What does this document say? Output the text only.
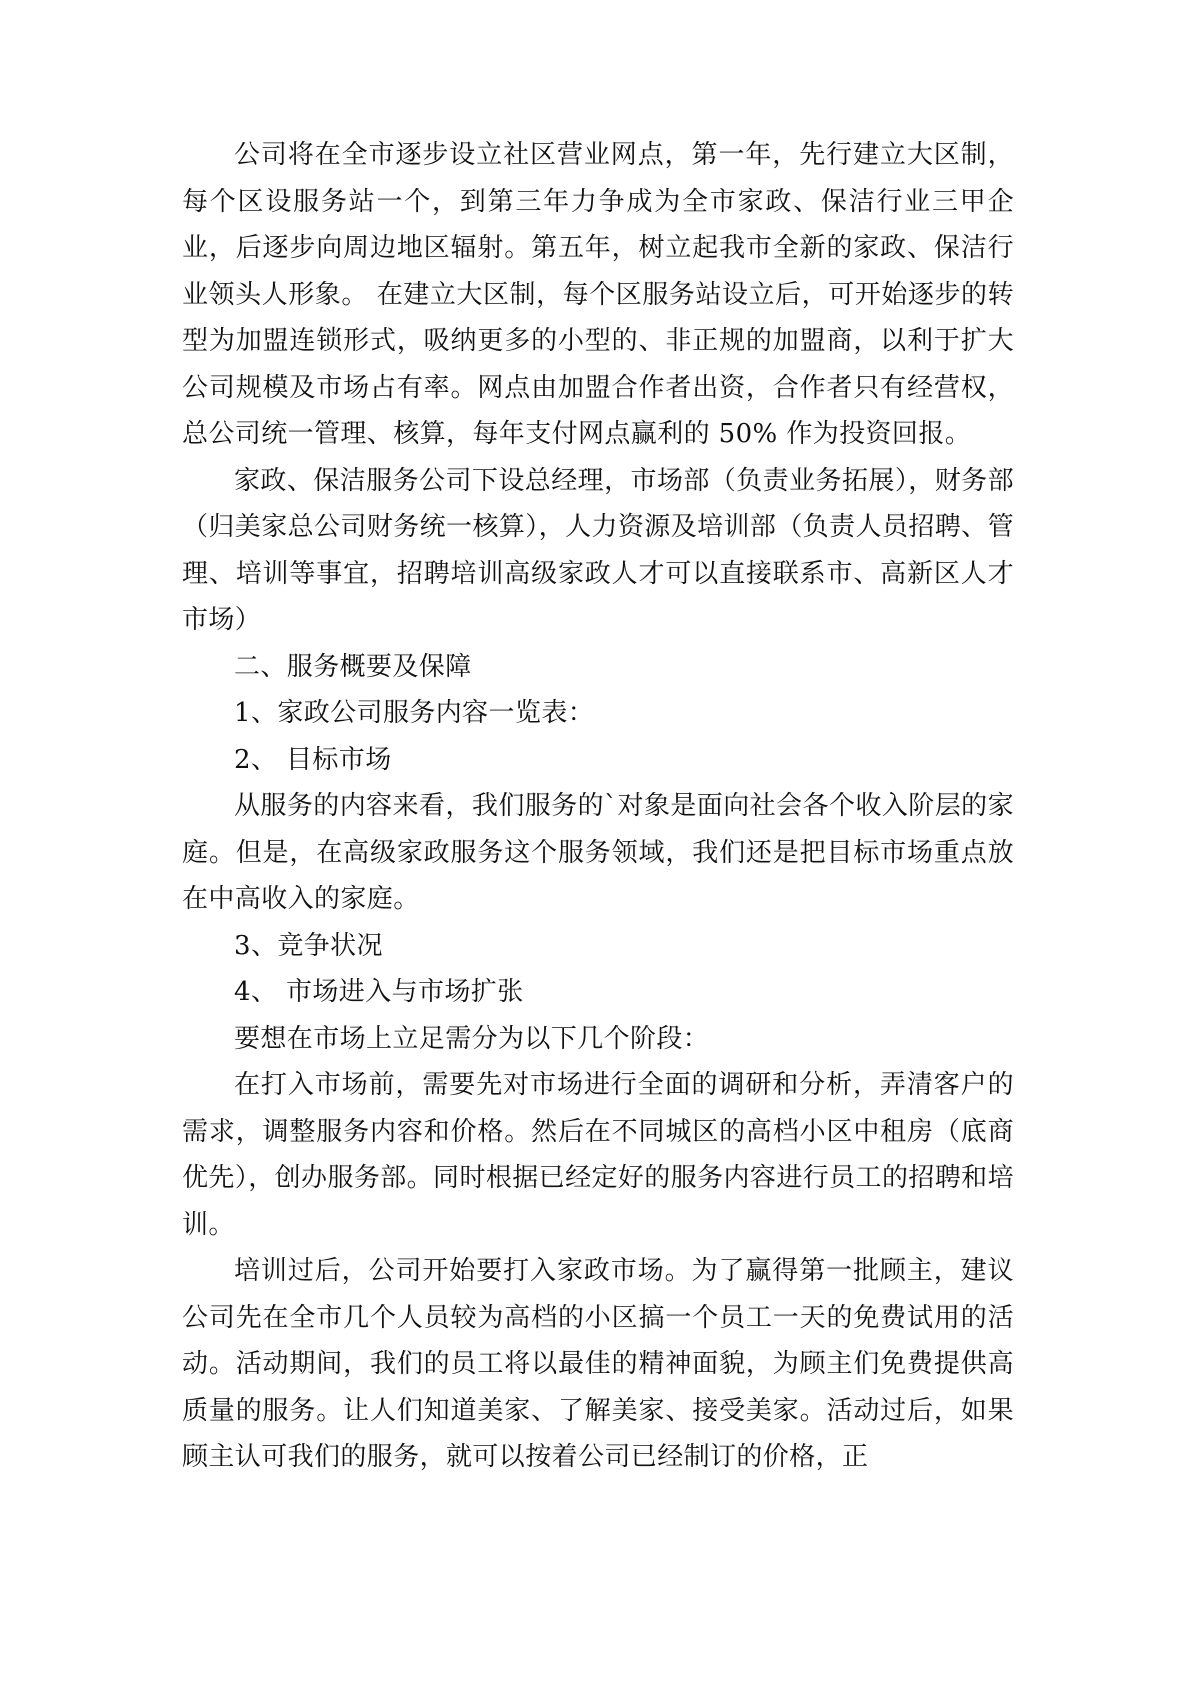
公司将在全市逐步设立社区营业网点，第一年，先行建立大区制，每个区设服务站一个，到第三年力争成为全市家政、保洁行业三甲企业，后逐步向周边地区辐射。第五年，树立起我市全新的家政、保洁行业领头人形象。 在建立大区制，每个区服务站设立后，可开始逐步的转型为加盟连锁形式，吸纳更多的小型的、非正规的加盟商，以利于扩大公司规模及市场占有率。网点由加盟合作者出资，合作者只有经营权，总公司统一管理、核算，每年支付网点赢利的 50% 作为投资回报。

家政、保洁服务公司下设总经理，市场部（负责业务拓展），财务部（归美家总公司财务统一核算），人力资源及培训部（负责人员招聘、管理、培训等事宜，招聘培训高级家政人才可以直接联系市、高新区人才市场）

二、服务概要及保障

1、家政公司服务内容一览表：

2、 目标市场

从服务的内容来看，我们服务的`对象是面向社会各个收入阶层的家庭。但是，在高级家政服务这个服务领域，我们还是把目标市场重点放在中高收入的家庭。

3、竞争状况

4、 市场进入与市场扩张

要想在市场上立足需分为以下几个阶段：

在打入市场前，需要先对市场进行全面的调研和分析，弄清客户的需求，调整服务内容和价格。然后在不同城区的高档小区中租房（底商优先），创办服务部。同时根据已经定好的服务内容进行员工的招聘和培训。

培训过后，公司开始要打入家政市场。为了赢得第一批顾主，建议公司先在全市几个人员较为高档的小区搞一个员工一天的免费试用的活动。活动期间，我们的员工将以最佳的精神面貌，为顾主们免费提供高质量的服务。让人们知道美家、了解美家、接受美家。活动过后，如果顾主认可我们的服务，就可以按着公司已经制订的价格，正
